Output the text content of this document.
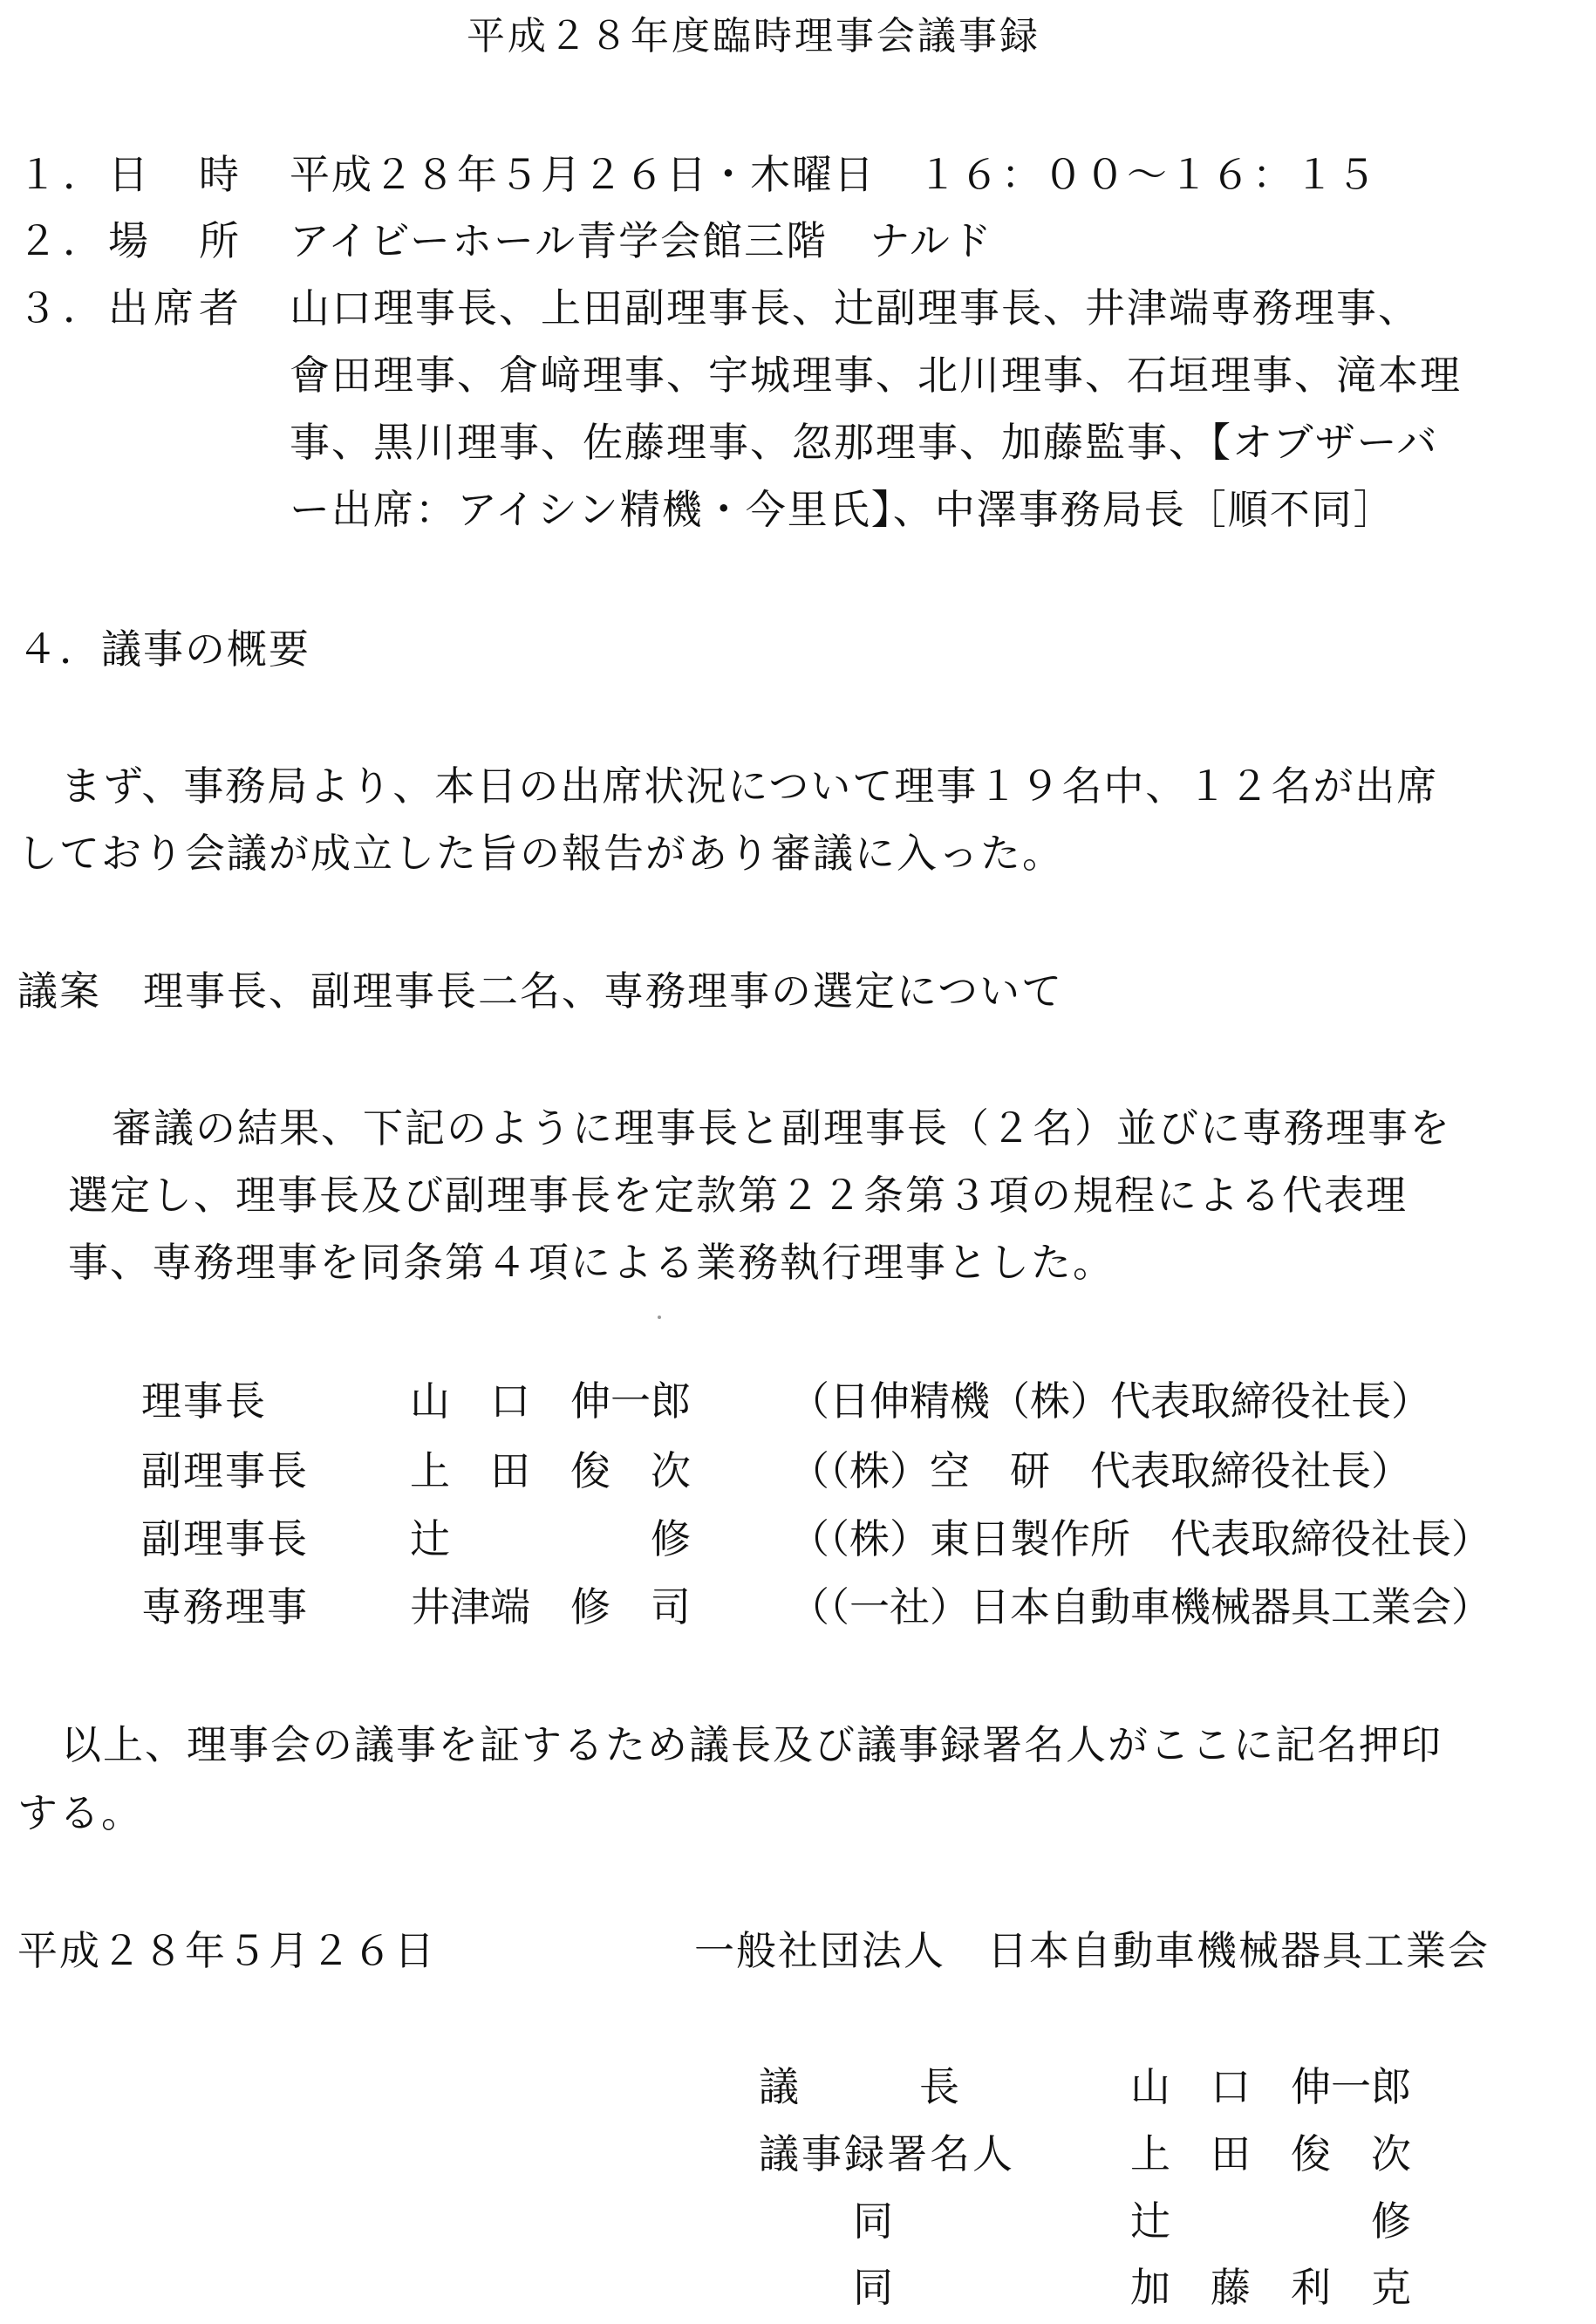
平成２８年度臨時理事会議事録
１．日　時 平成２８年５月２６日・木曜日　１６：００～１６：１５
２．場　所 アイビーホール青学会館三階　ナルド
３．出席者 山口理事長、上田副理事長、辻副理事長、井津端専務理事、
會田理事、倉﨑理事、宇城理事、北川理事、石垣理事、滝本理
事、黒川理事、佐藤理事、忽那理事、加藤監事、【オブザーバ
ー出席：アイシン精機・今里氏】、中澤事務局長［順不同］
４．議事の概要
まず、事務局より、本日の出席状況について理事１９名中、１２名が出席
しており会議が成立した旨の報告があり審議に入った。
議案　理事長、副理事長二名、専務理事の選定について
審議の結果、下記のように理事長と副理事長（２名）並びに専務理事を
選定し、理事長及び副理事長を定款第２２条第３項の規程による代表理
事、専務理事を同条第４項による業務執行理事とした。
理事長	山　口　伸一郎 （日伸精機（株）代表取締役社長）
副理事長	上　田　俊　次 （（株）空　研　代表取締役社長）
副理事長	辻　　　　　修 （（株）東日製作所　代表取締役社長）
専務理事	井津端　修　司 （（一社）日本自動車機械器具工業会）
以上、理事会の議事を証するため議長及び議事録署名人がここに記名押印
する。
平成２８年５月２６日	一般社団法人　日本自動車機械器具工業会
議　　　長	山　口　伸一郎
議事録署名人	上　田　俊　次
同	辻　　　　　修
同	加　藤　利　克
